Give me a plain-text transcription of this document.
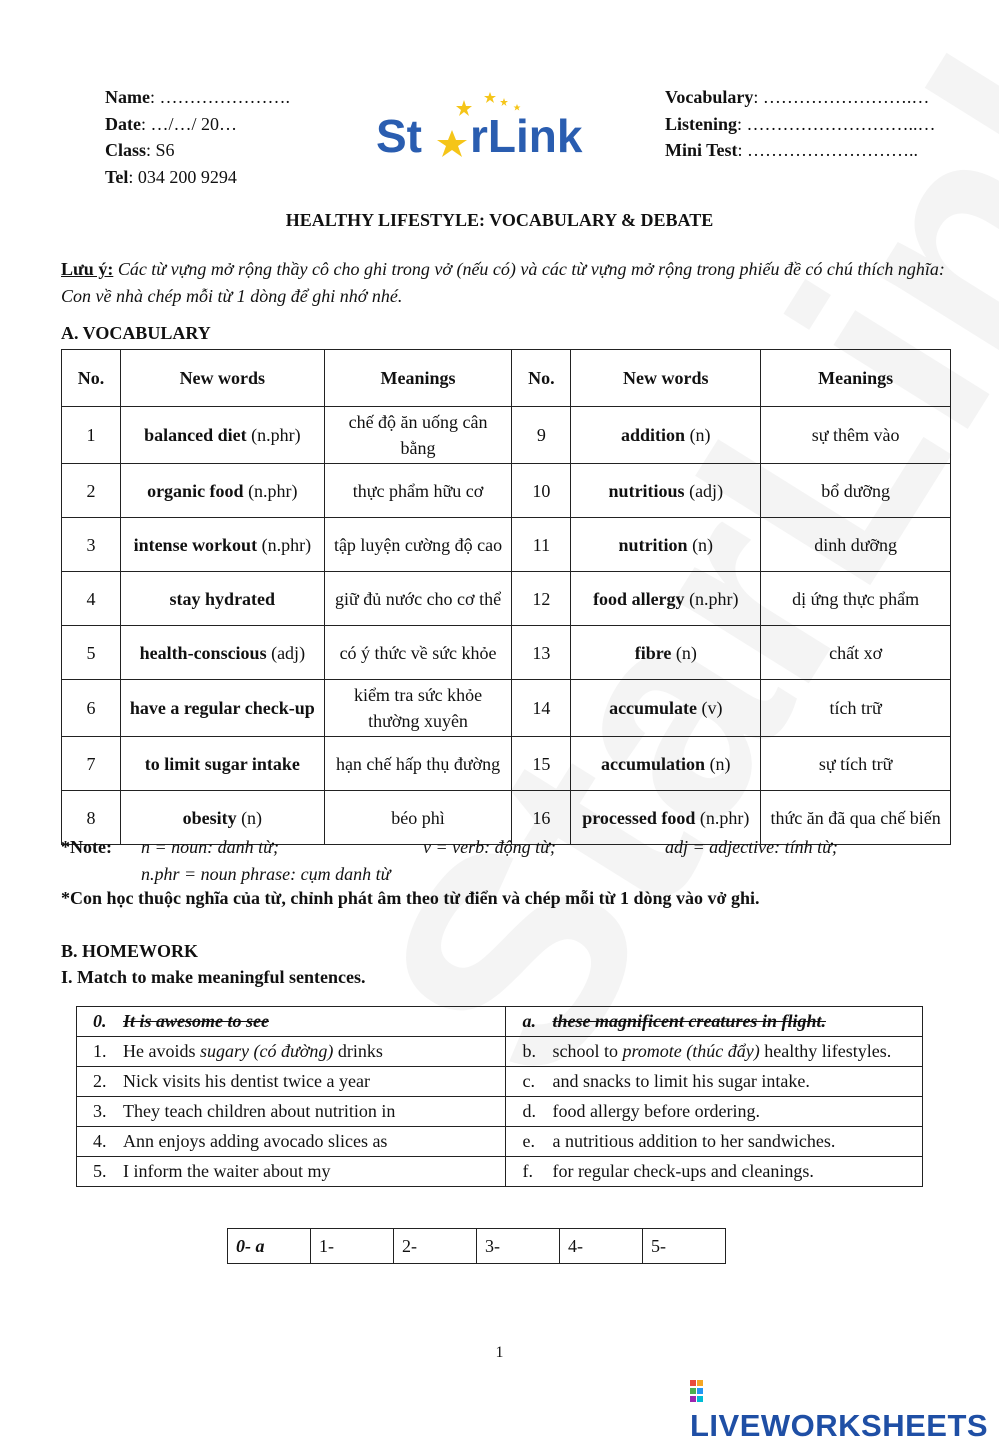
Name: ………………….
Date: …/…/ 20…
Class: S6
Tel: 034 200 9294
St rLink
Vocabulary: …………………….…
Listening: ………………………..…
Mini Test: ………………………..
HEALTHY LIFESTYLE: VOCABULARY & DEBATE
Lưu ý: Các từ vựng mở rộng thầy cô cho ghi trong vở (nếu có) và các từ vựng mở rộng trong phiếu đề có chú thích nghĩa: Con về nhà chép mỗi từ 1 dòng để ghi nhớ nhé.
A. VOCABULARY
No.	New words	Meanings	No.	New words	Meanings
1	balanced diet (n.phr)	chế độ ăn uống cân bằng	9	addition (n)	sự thêm vào
2	organic food (n.phr)	thực phẩm hữu cơ	10	nutritious (adj)	bổ dưỡng
3	intense workout (n.phr)	tập luyện cường độ cao	11	nutrition (n)	dinh dưỡng
4	stay hydrated	giữ đủ nước cho cơ thể	12	food allergy (n.phr)	dị ứng thực phẩm
5	health-conscious (adj)	có ý thức về sức khỏe	13	fibre (n)	chất xơ
6	have a regular check-up	kiểm tra sức khỏe thường xuyên	14	accumulate (v)	tích trữ
7	to limit sugar intake	hạn chế hấp thụ đường	15	accumulation (n)	sự tích trữ
8	obesity (n)	béo phì	16	processed food (n.phr)	thức ăn đã qua chế biến
*Note: n = noun: danh từ;	v = verb: động từ;	adj = adjective: tính từ;
n.phr = noun phrase: cụm danh từ
*Con học thuộc nghĩa của từ, chỉnh phát âm theo từ điển và chép mỗi từ 1 dòng vào vở ghi.
B. HOMEWORK
I. Match to make meaningful sentences.
0. It is awesome to see	a. these magnificent creatures in flight.
1. He avoids sugary (có đường) drinks	b. school to promote (thúc đẩy) healthy lifestyles.

2. Nick visits his dentist twice a year	c. and snacks to limit his sugar intake.
3. They teach children about nutrition in	d. food allergy before ordering.
4. Ann enjoys adding avocado slices as	e. a nutritious addition to her sandwiches.
5. I inform the waiter about my	f. for regular check-ups and cleanings.
0- a	1-	2-	3-	4-	5-
1
LIVEWORKSHEETS
